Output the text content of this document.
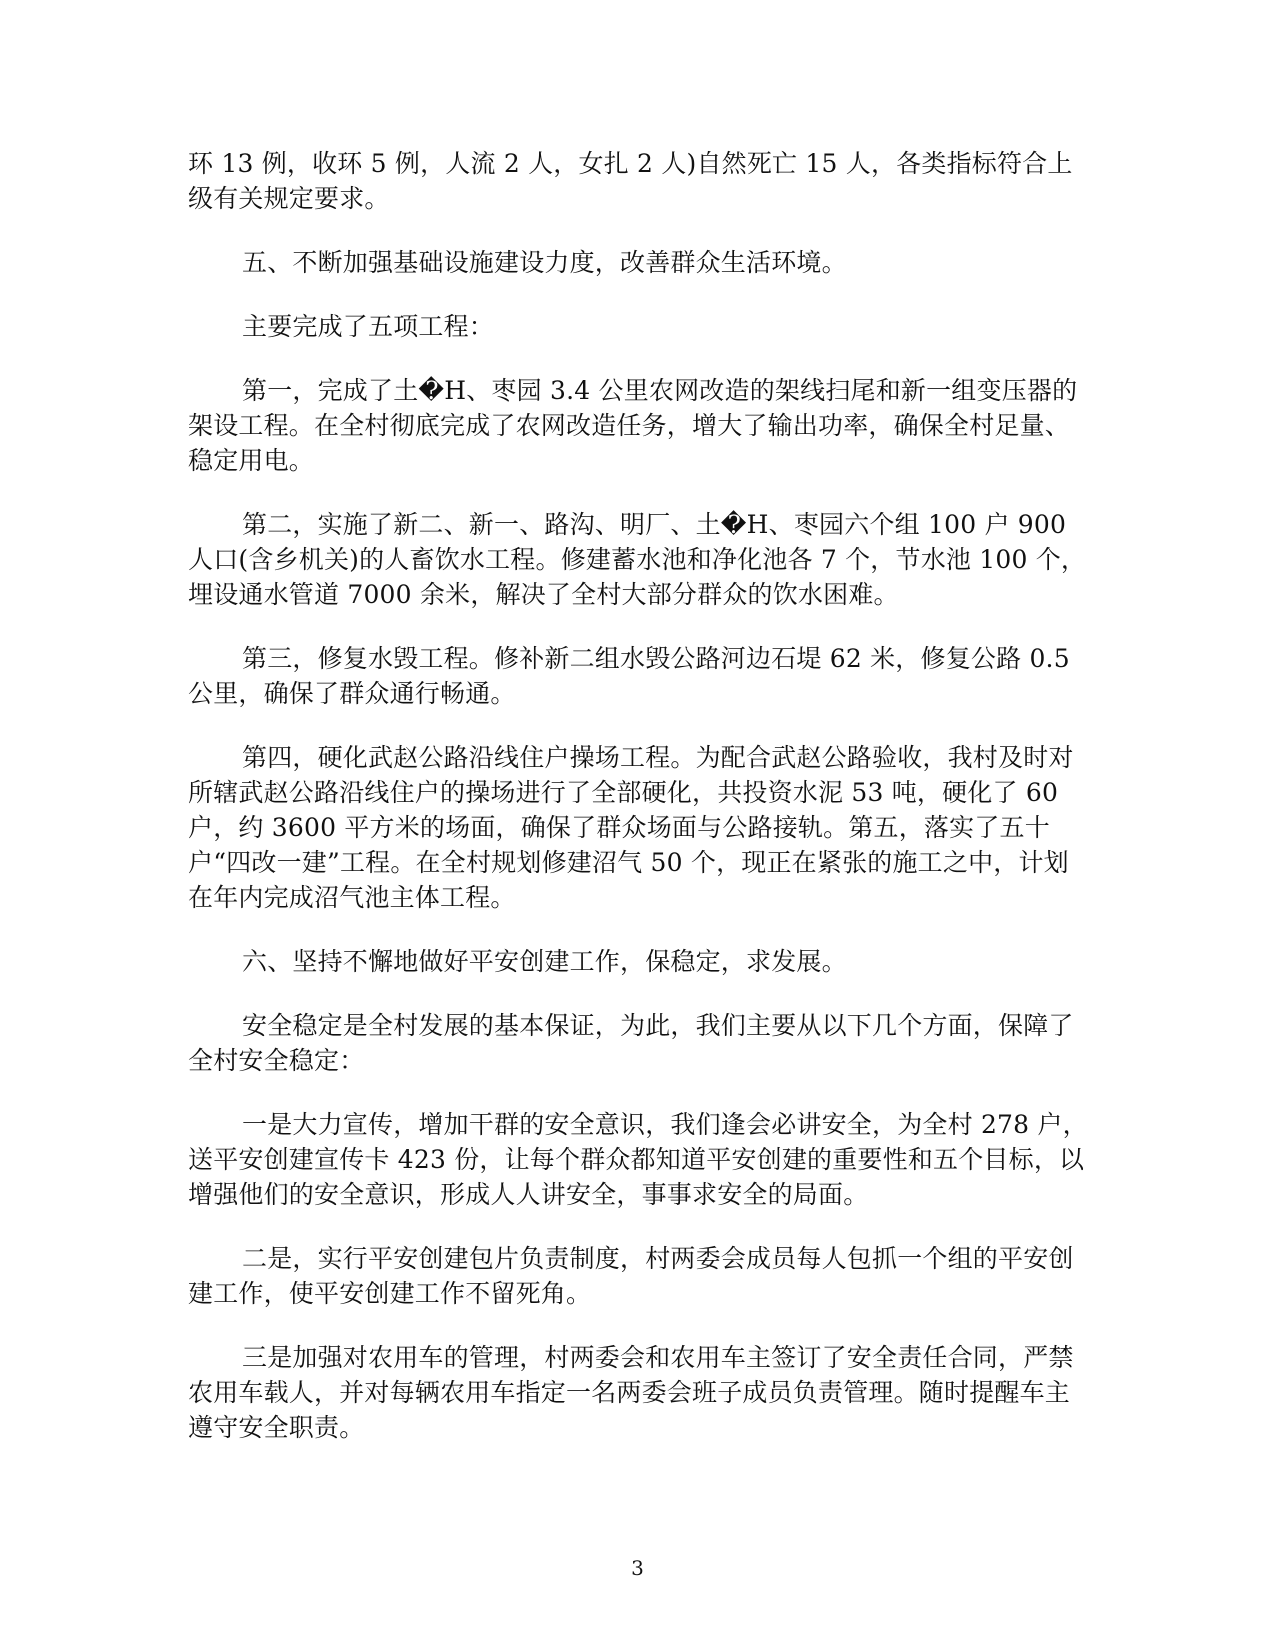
环 13 例，收环 5 例，人流 2 人，女扎 2 人)自然死亡 15 人，各类指标符合上级有关规定要求。

五、不断加强基础设施建设力度，改善群众生活环境。

主要完成了五项工程：

第一，完成了土�H、枣园 3.4 公里农网改造的架线扫尾和新一组变压器的架设工程。在全村彻底完成了农网改造任务，增大了输出功率，确保全村足量、稳定用电。

第二，实施了新二、新一、路沟、明厂、土�H、枣园六个组 100 户 900 人口(含乡机关)的人畜饮水工程。修建蓄水池和净化池各 7 个，节水池 100 个，埋设通水管道 7000 余米，解决了全村大部分群众的饮水困难。

第三，修复水毁工程。修补新二组水毁公路河边石堤 62 米，修复公路 0.5 公里，确保了群众通行畅通。

第四，硬化武赵公路沿线住户操场工程。为配合武赵公路验收，我村及时对所辖武赵公路沿线住户的操场进行了全部硬化，共投资水泥 53 吨，硬化了 60 户，约 3600 平方米的场面，确保了群众场面与公路接轨。第五，落实了五十户“四改一建”工程。在全村规划修建沼气 50 个，现正在紧张的施工之中，计划在年内完成沼气池主体工程。

六、坚持不懈地做好平安创建工作，保稳定，求发展。

安全稳定是全村发展的基本保证，为此，我们主要从以下几个方面，保障了全村安全稳定：

一是大力宣传，增加干群的安全意识，我们逢会必讲安全，为全村 278 户，送平安创建宣传卡 423 份，让每个群众都知道平安创建的重要性和五个目标，以增强他们的安全意识，形成人人讲安全，事事求安全的局面。

二是，实行平安创建包片负责制度，村两委会成员每人包抓一个组的平安创建工作，使平安创建工作不留死角。

三是加强对农用车的管理，村两委会和农用车主签订了安全责任合同，严禁农用车载人，并对每辆农用车指定一名两委会班子成员负责管理。随时提醒车主遵守安全职责。

3
